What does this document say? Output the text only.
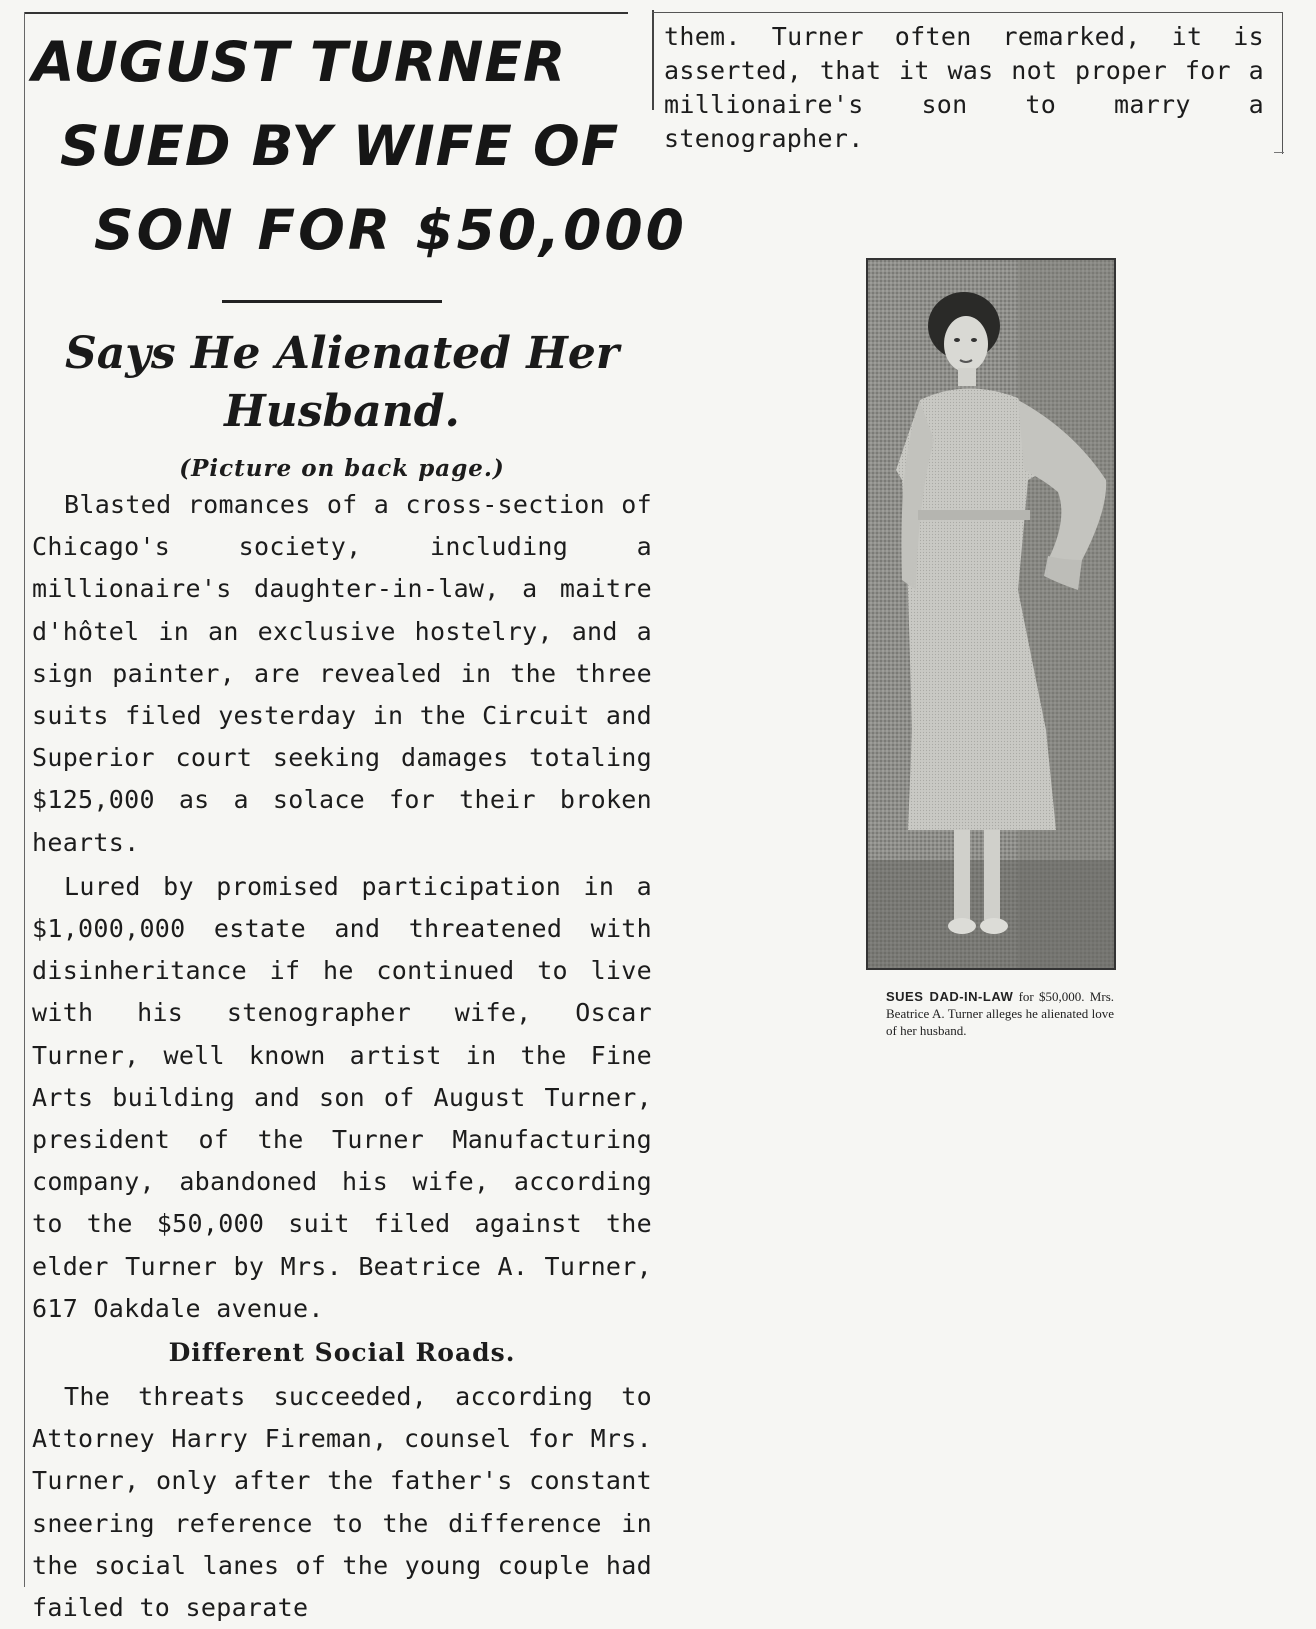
AUGUST TURNER
SUED BY WIFE OF
SON FOR $50,000
Says He Alienated Her
Husband.
(Picture on back page.)

Blasted romances of a cross-section of Chicago's society, including a millionaire's daughter-in-law, a maitre d'hôtel in an exclusive hostelry, and a sign painter, are revealed in the three suits filed yesterday in the Circuit and Superior court seeking damages totaling $125,000 as a solace for their broken hearts.

Lured by promised participation in a $1,000,000 estate and threatened with disinheritance if he continued to live with his stenographer wife, Oscar Turner, well known artist in the Fine Arts building and son of August Turner, president of the Turner Manufacturing company, abandoned his wife, according to the $50,000 suit filed against the elder Turner by Mrs. Beatrice A. Turner, 617 Oakdale avenue.

Different Social Roads.

The threats succeeded, according to Attorney Harry Fireman, counsel for Mrs. Turner, only after the father's constant sneering reference to the difference in the social lanes of the young couple had failed to separate

them. Turner often remarked, it is asserted, that it was not proper for a millionaire's son to marry a stenographer.

SUES DAD-IN-LAW for $50,000. Mrs. Beatrice A. Turner alleges he alienated love of her husband.
